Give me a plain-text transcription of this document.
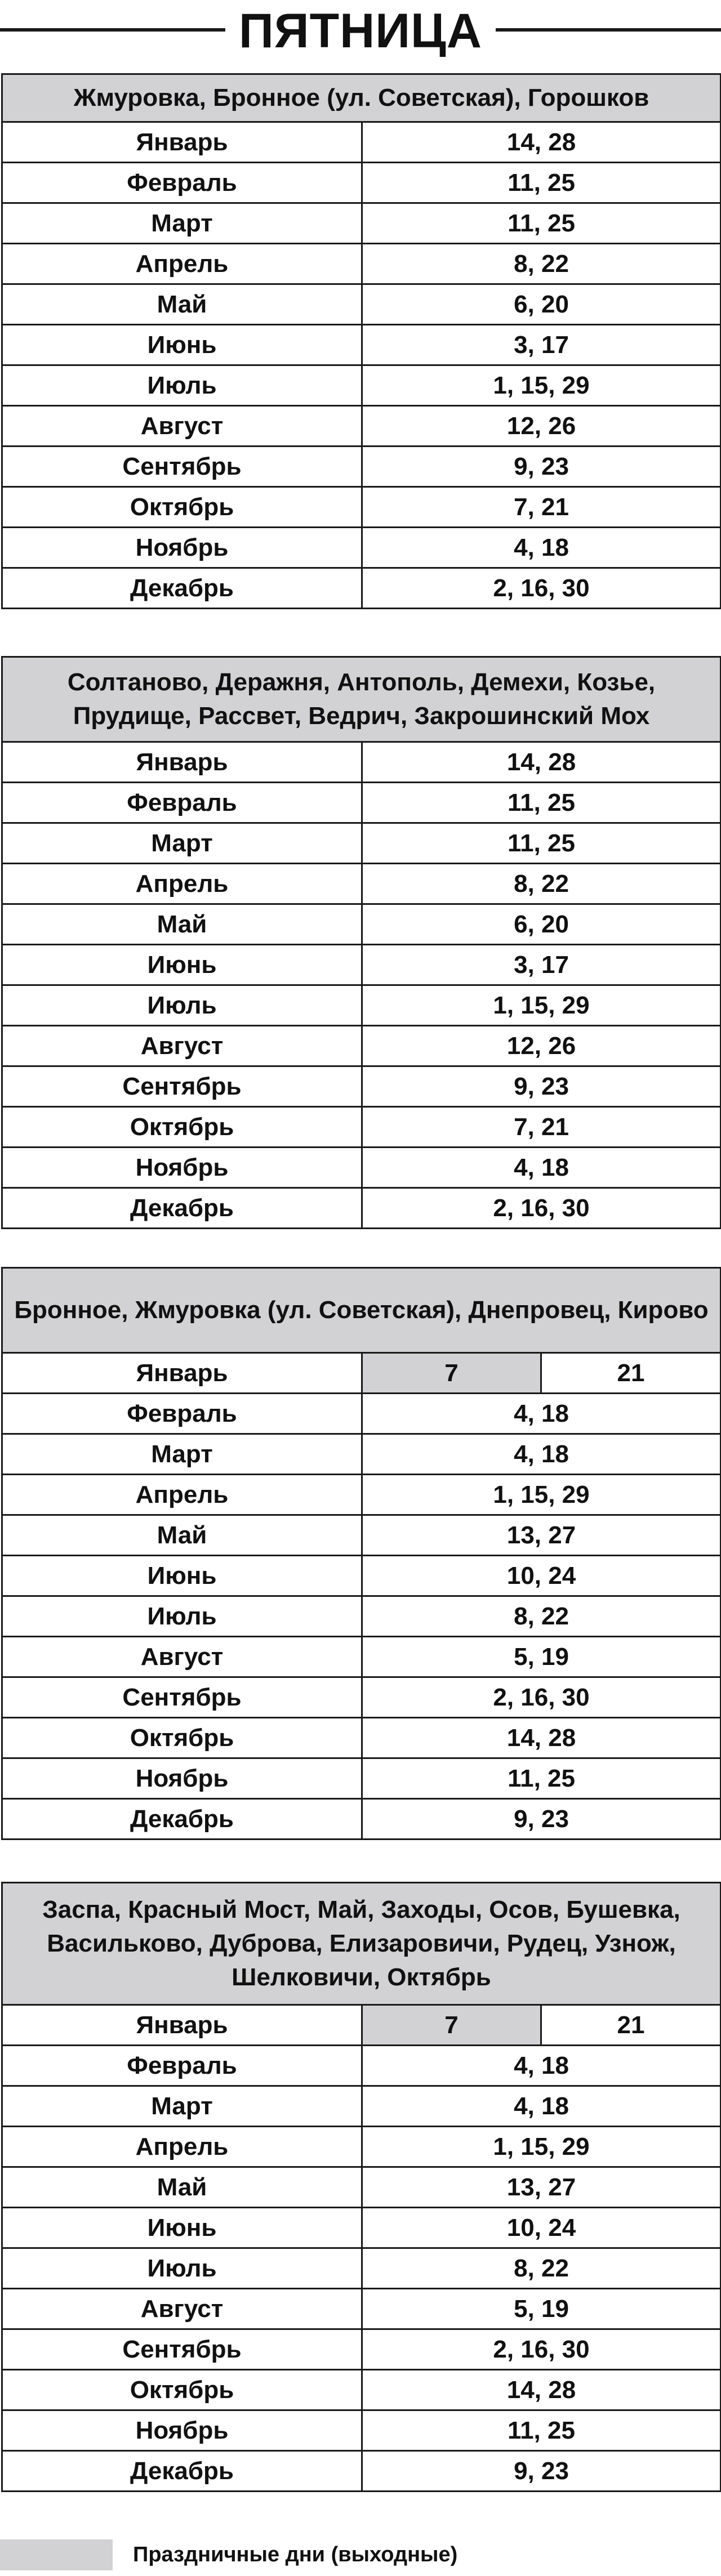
ПЯТНИЦА
Жмуровка, Бронное (ул. Советская), Горошков	
Январь	14, 28
Февраль	11, 25
Март	11, 25
Апрель	8, 22
Май	6, 20
Июнь	3, 17
Июль	1, 15, 29
Август	12, 26
Сентябрь	9, 23
Октябрь	7, 21
Ноябрь	4, 18
Декабрь	2, 16, 30
Солтаново, Деражня, Антополь, Демехи, Козье, Прудище, Рассвет, Ведрич, Закрошинский Мох	
Январь	14, 28
Февраль	11, 25
Март	11, 25
Апрель	8, 22
Май	6, 20
Июнь	3, 17
Июль	1, 15, 29
Август	12, 26
Сентябрь	9, 23
Октябрь	7, 21
Ноябрь	4, 18
Декабрь	2, 16, 30
Бронное, Жмуровка (ул. Советская), Днепровец, Кирово		
Январь	7	21
Февраль	4, 18	
Март	4, 18	
Апрель	1, 15, 29	
Май	13, 27	
Июнь	10, 24	
Июль	8, 22	
Август	5, 19	
Сентябрь	2, 16, 30	
Октябрь	14, 28	
Ноябрь	11, 25	
Декабрь	9, 23	
Заспа, Красный Мост, Май, Заходы, Осов, Бушевка, Васильково, Дуброва, Елизаровичи, Рудец, Узнож, Шелковичи, Октябрь		
Январь	7	21
Февраль	4, 18	
Март	4, 18	
Апрель	1, 15, 29	
Май	13, 27	
Июнь	10, 24	
Июль	8, 22	
Август	5, 19	
Сентябрь	2, 16, 30	
Октябрь	14, 28	
Ноябрь	11, 25	
Декабрь	9, 23	
Праздничные дни (выходные)
